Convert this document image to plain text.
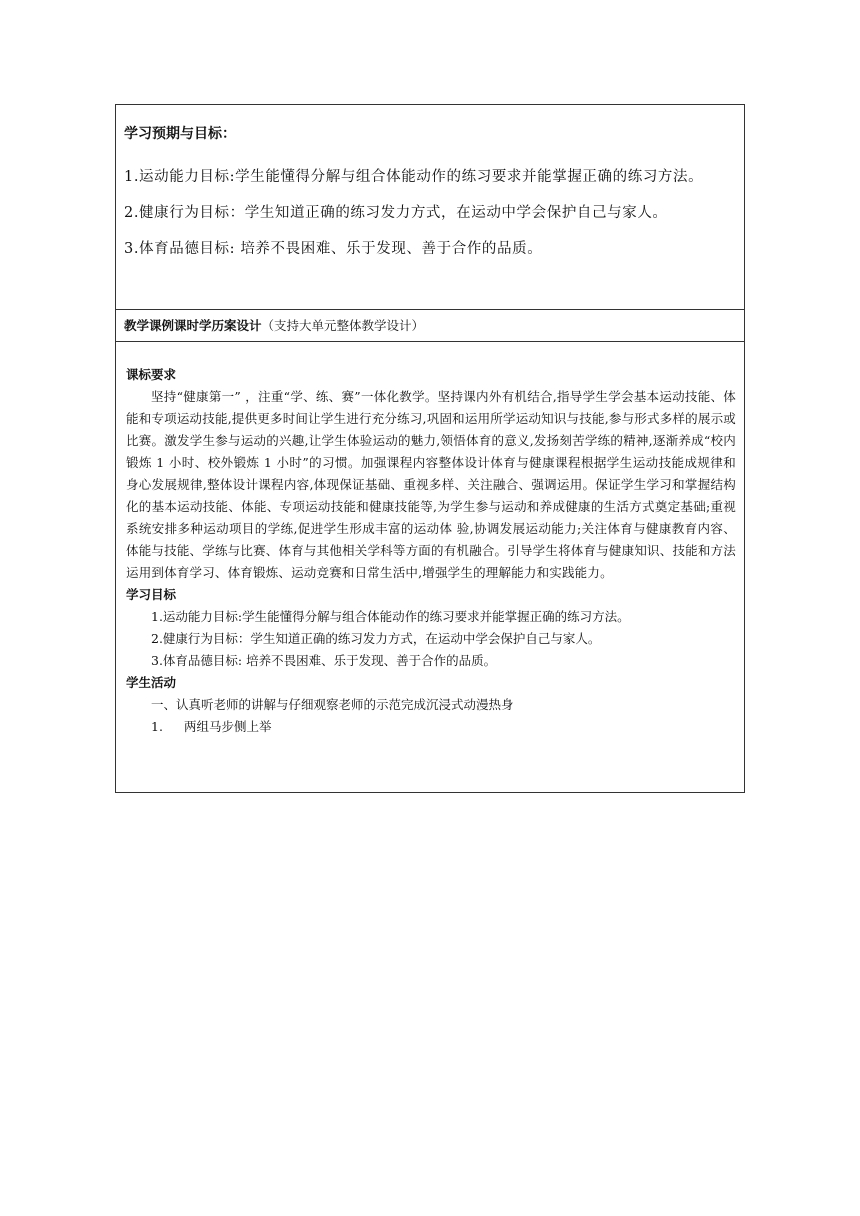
学习预期与目标：
1.运动能力目标:学生能懂得分解与组合体能动作的练习要求并能掌握正确的练习方法。
2.健康行为目标：学生知道正确的练习发力方式，在运动中学会保护自己与家人。
3.体育品德目标: 培养不畏困难、乐于发现、善于合作的品质。
教学课例课时学历案设计（支持大单元整体教学设计）
课标要求
坚持“健康第一” ，注重“学、练、赛”一体化教学。坚持课内外有机结合,指导学生学会基本运动技能、体能和专项运动技能,提供更多时间让学生进行充分练习,巩固和运用所学运动知识与技能,参与形式多样的展示或比赛。激发学生参与运动的兴趣,让学生体验运动的魅力,领悟体育的意义,发扬刻苦学练的精神,逐渐养成“校内锻炼 1 小时、校外锻炼 1 小时”的习惯。加强课程内容整体设计体育与健康课程根据学生运动技能成规律和身心发展规律,整体设计课程内容,体现保证基础、重视多样、关注融合、强调运用。保证学生学习和掌握结构化的基本运动技能、体能、专项运动技能和健康技能等,为学生参与运动和养成健康的生活方式奠定基础;重视系统安排多种运动项目的学练,促进学生形成丰富的运动体 验,协调发展运动能力;关注体育与健康教育内容、体能与技能、学练与比赛、体育与其他相关学科等方面的有机融合。引导学生将体育与健康知识、技能和方法运用到体育学习、体育锻炼、运动竞赛和日常生活中,增强学生的理解能力和实践能力。
学习目标
1.运动能力目标:学生能懂得分解与组合体能动作的练习要求并能掌握正确的练习方法。
2.健康行为目标：学生知道正确的练习发力方式，在运动中学会保护自己与家人。
3.体育品德目标: 培养不畏困难、乐于发现、善于合作的品质。
学生活动
一、认真听老师的讲解与仔细观察老师的示范完成沉浸式动漫热身
1. 两组马步侧上举
